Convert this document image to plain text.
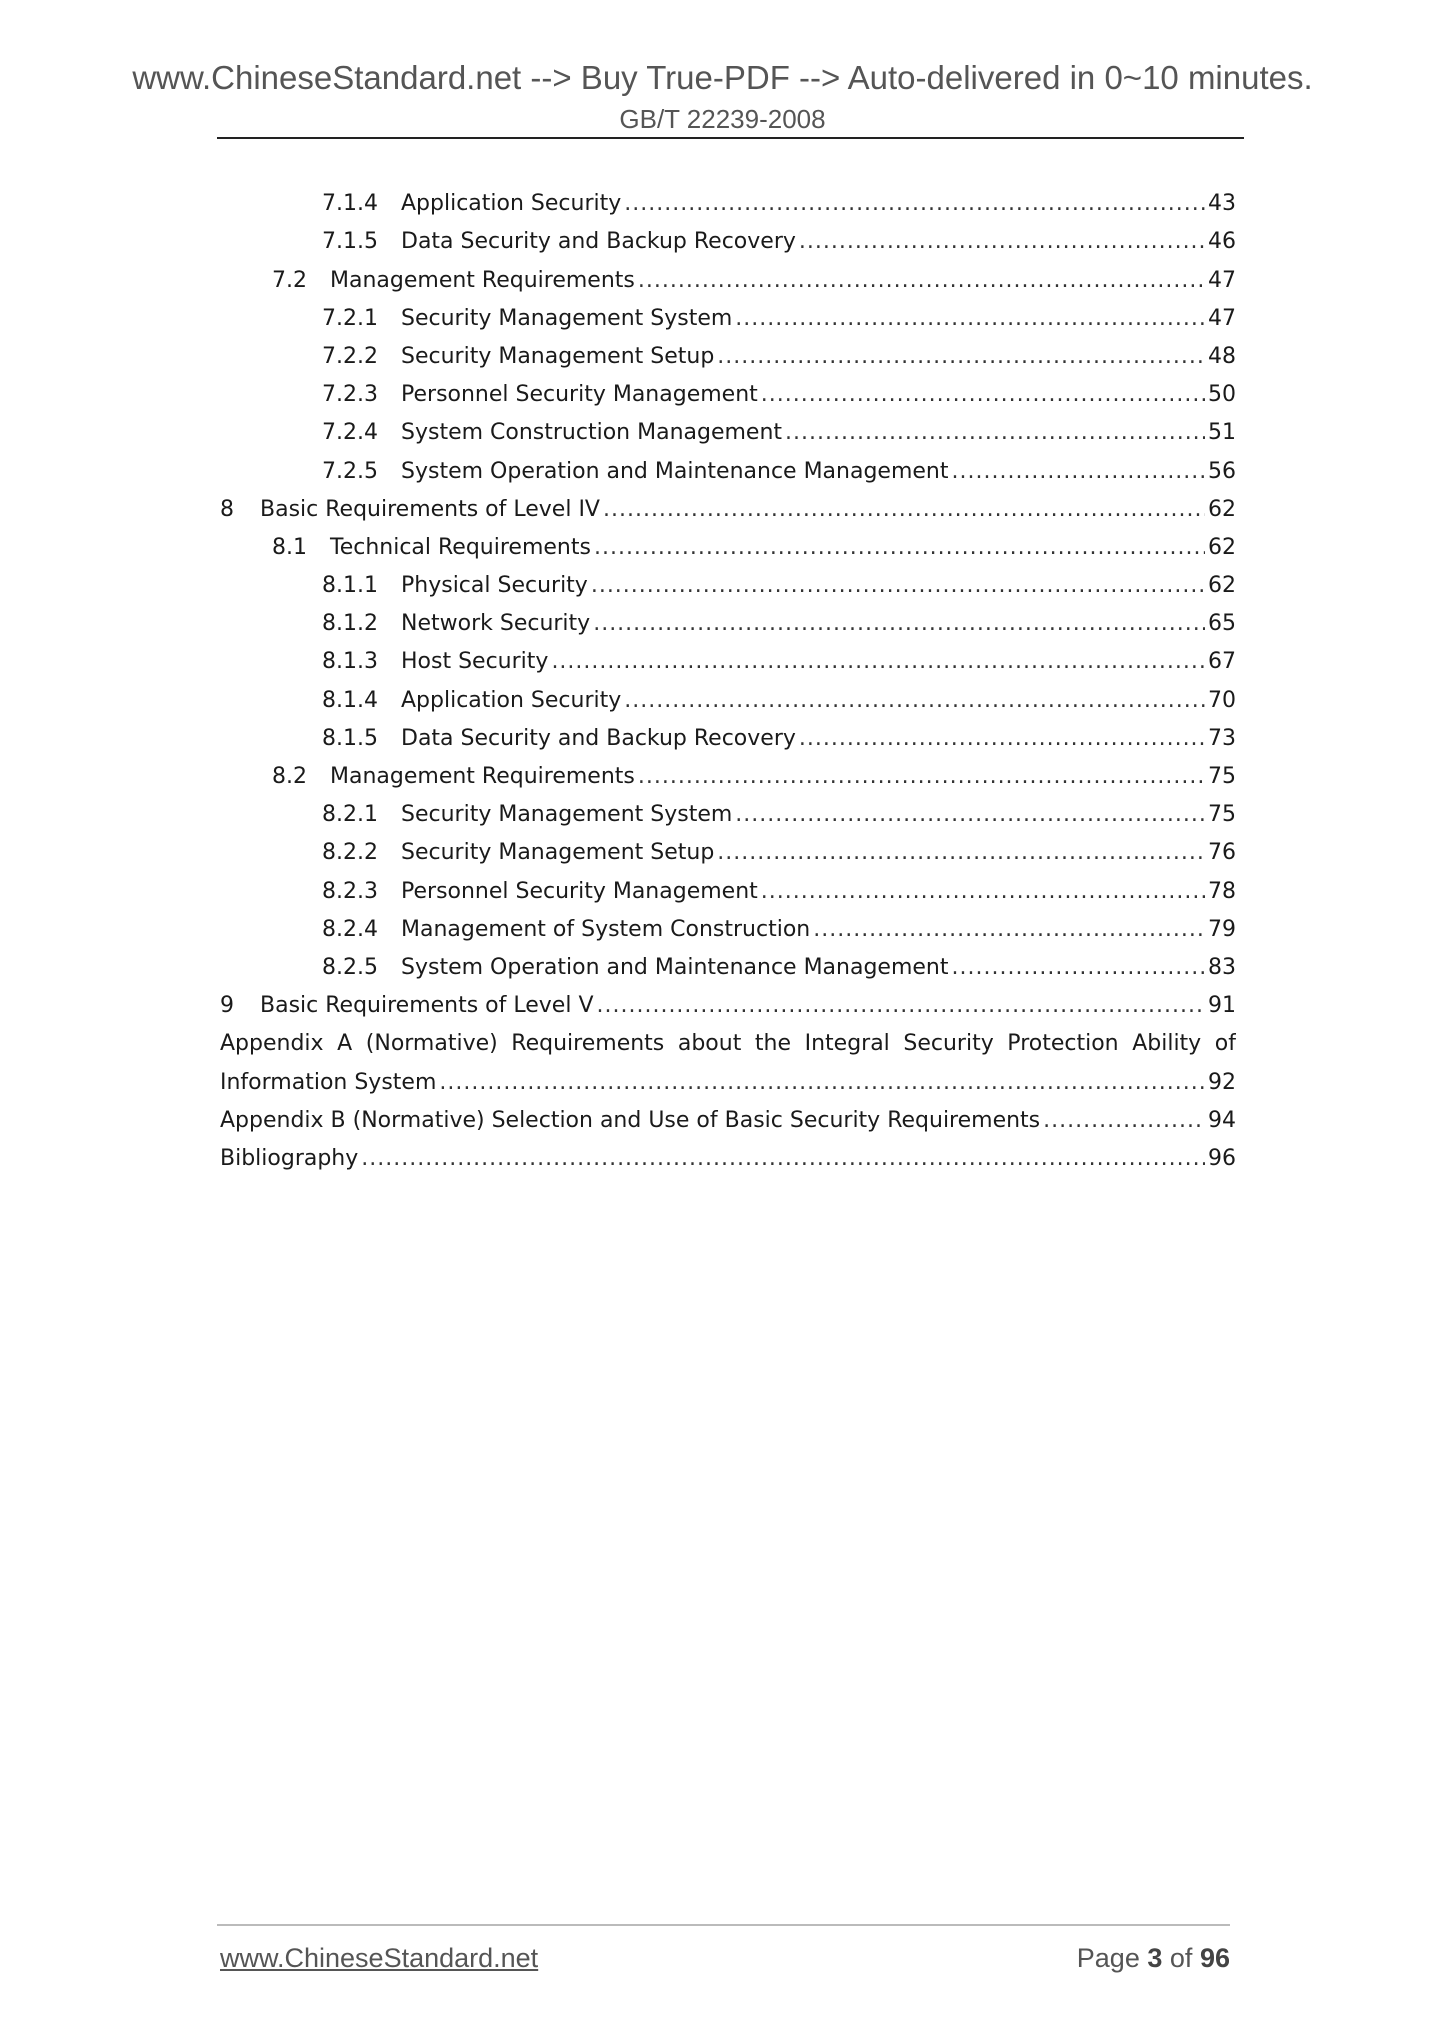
www.ChineseStandard.net --> Buy True-PDF --> Auto-delivered in 0~10 minutes.
GB/T 22239-2008
7.1.4	Application Security .....	43
7.1.5	Data Security and Backup Recovery .....	46
7.2	Management Requirements .....	47
7.2.1	Security Management System .....	47
7.2.2	Security Management Setup .....	48
7.2.3	Personnel Security Management .....	50
7.2.4	System Construction Management .....	51
7.2.5	System Operation and Maintenance Management .....	56
8	Basic Requirements of Level IV .....	62
8.1	Technical Requirements .....	62
8.1.1	Physical Security .....	62
8.1.2	Network Security .....	65
8.1.3	Host Security .....	67
8.1.4	Application Security .....	70
8.1.5	Data Security and Backup Recovery .....	73
8.2	Management Requirements .....	75
8.2.1	Security Management System .....	75
8.2.2	Security Management Setup .....	76
8.2.3	Personnel Security Management .....	78
8.2.4	Management of System Construction .....	79
8.2.5	System Operation and Maintenance Management .....	83
9	Basic Requirements of Level V .....	91
Appendix A (Normative) Requirements about the Integral Security Protection Ability of
Information System .....	92
Appendix B (Normative) Selection and Use of Basic Security Requirements .....	94
Bibliography .....	96
www.ChineseStandard.net	Page 3 of 96
